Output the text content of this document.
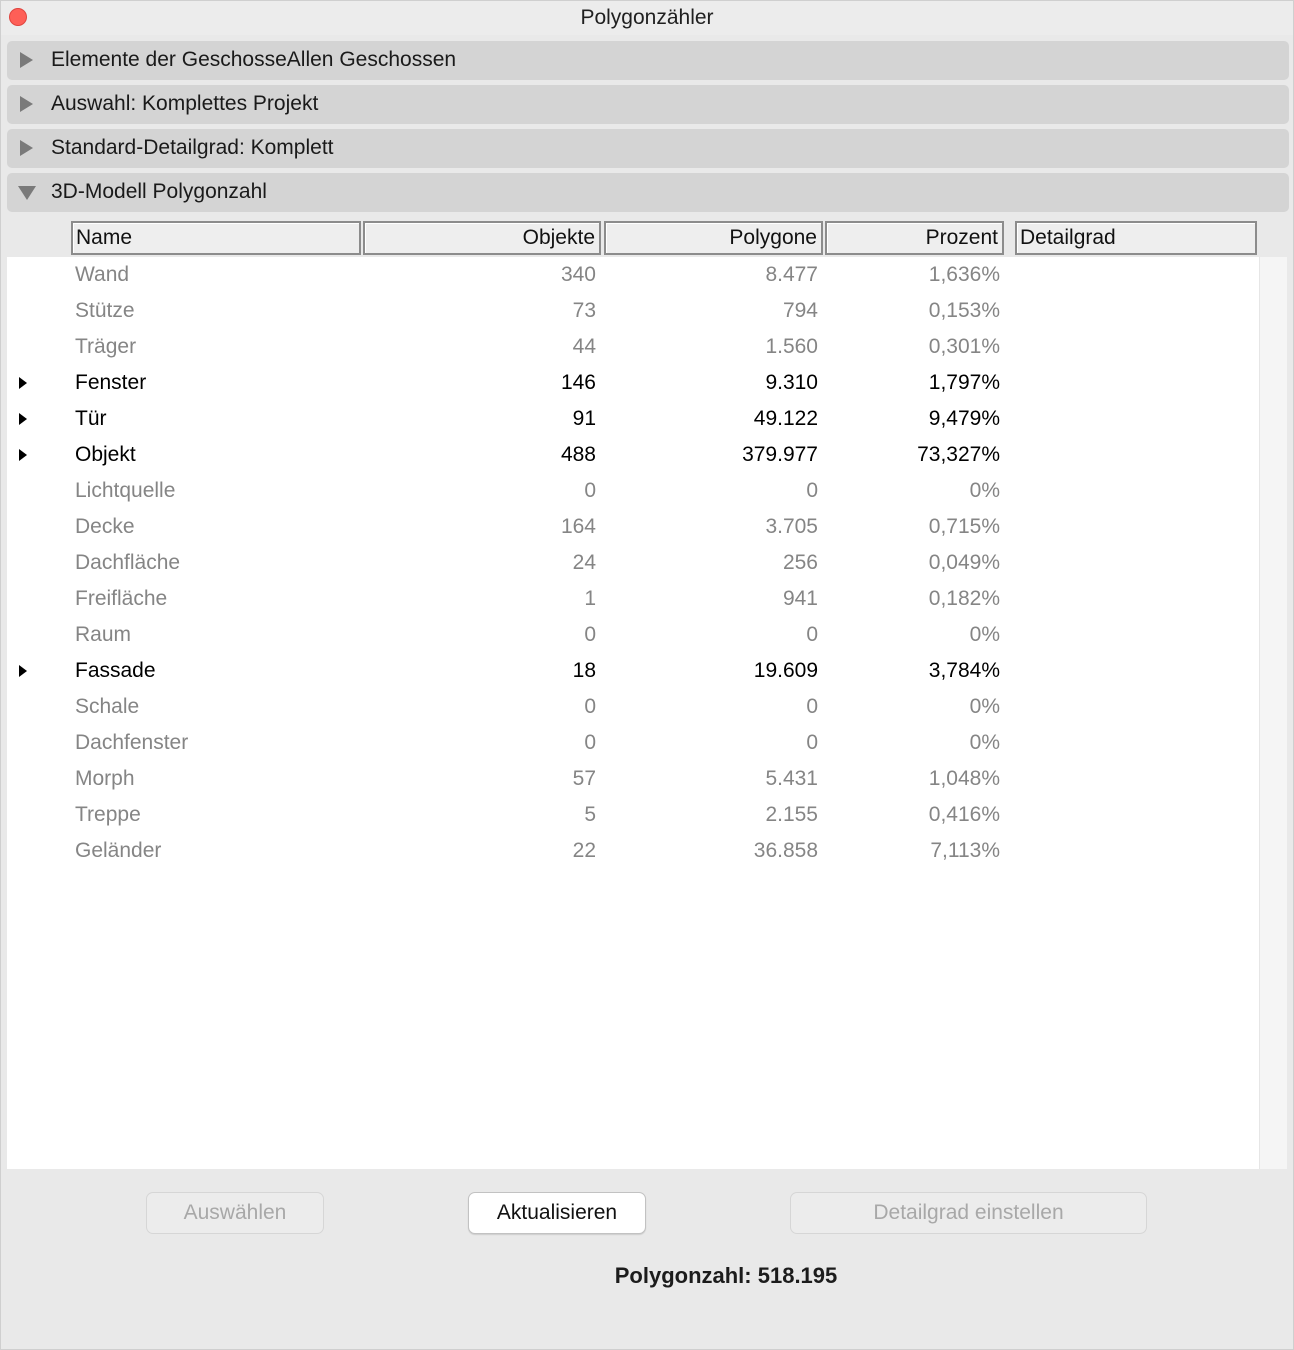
Polygonzähler
Elemente der GeschosseAllen Geschossen
Auswahl: Komplettes Projekt
Standard-Detailgrad: Komplett
3D-Modell Polygonzahl
Name	Objekte	Polygone	Prozent Detailgrad
Wand	340	8.477	1,636%
Stütze	73	794	0,153%
Träger	44	1.560	0,301%
Fenster	146	9.310	1,797%
Tür	91	49.122	9,479%
Objekt	488	379.977	73,327%
Lichtquelle	0	0	0%
Decke	164	3.705	0,715%
Dachfläche	24	256	0,049%
Freifläche	1	941	0,182%
Raum	0	0	0%
Fassade	18	19.609	3,784%
Schale	0	0	0%
Dachfenster	0	0	0%
Morph	57	5.431	1,048%
Treppe	5	2.155	0,416%
Geländer	22	36.858	7,113%
Auswählen	Aktualisieren	Detailgrad einstellen
Polygonzahl: 518.195
